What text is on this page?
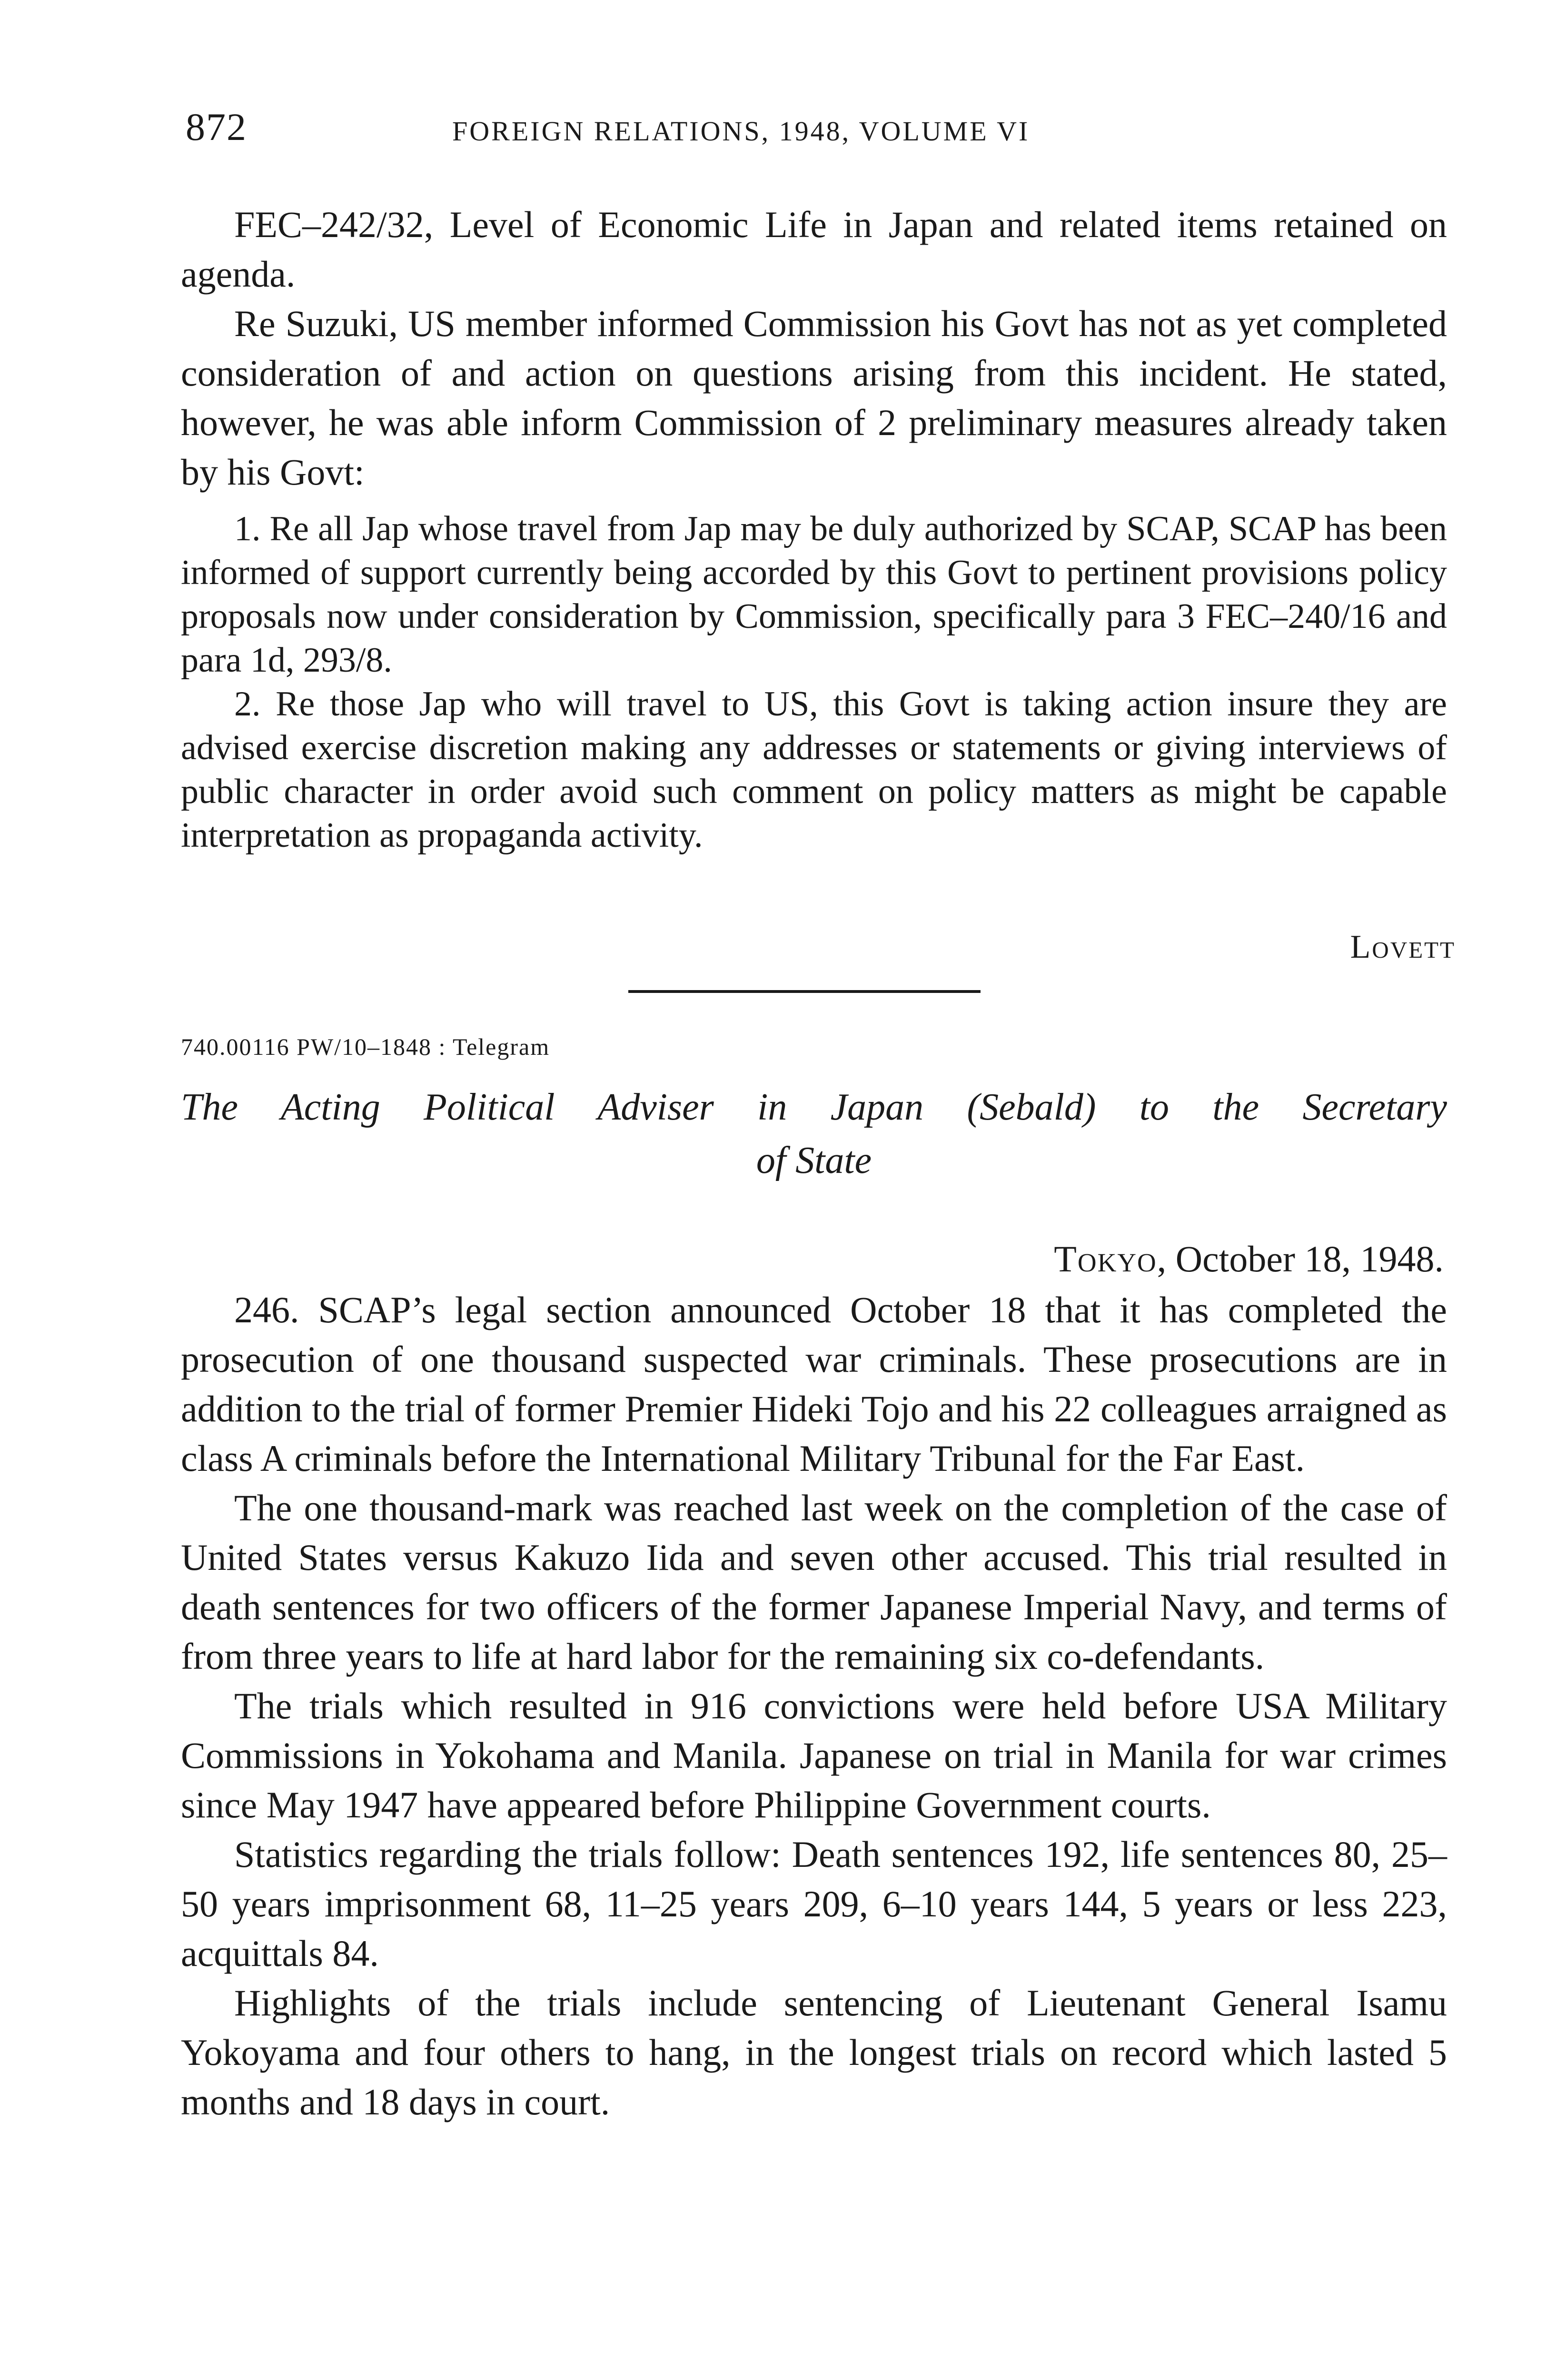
872	FOREIGN RELATIONS, 1948, VOLUME VI

FEC–242/32, Level of Economic Life in Japan and related items retained on agenda.

Re Suzuki, US member informed Commission his Govt has not as yet completed consideration of and action on questions arising from this incident. He stated, however, he was able inform Commission of 2 preliminary measures already taken by his Govt:

1. Re all Jap whose travel from Jap may be duly authorized by SCAP, SCAP has been informed of support currently being accorded by this Govt to pertinent provisions policy proposals now under consideration by Commission, specifically para 3 FEC–240/16 and para 1d, 293/8.

2. Re those Jap who will travel to US, this Govt is taking action insure they are advised exercise discretion making any addresses or statements or giving interviews of public character in order avoid such comment on policy matters as might be capable interpretation as propaganda activity.

Lovett
740.00116 PW/10–1848 : Telegram
The Acting Political Adviser in Japan (Sebald) to the Secretary
of State
Tokyo, October 18, 1948.

246. SCAP’s legal section announced October 18 that it has completed the prosecution of one thousand suspected war criminals. These prosecutions are in addition to the trial of former Premier Hideki Tojo and his 22 colleagues arraigned as class A criminals before the International Military Tribunal for the Far East.

The one thousand-mark was reached last week on the completion of the case of United States versus Kakuzo Iida and seven other accused. This trial resulted in death sentences for two officers of the former Japanese Imperial Navy, and terms of from three years to life at hard labor for the remaining six co-defendants.

The trials which resulted in 916 convictions were held before USA Military Commissions in Yokohama and Manila. Japanese on trial in Manila for war crimes since May 1947 have appeared before Philippine Government courts.

Statistics regarding the trials follow: Death sentences 192, life sentences 80, 25–50 years imprisonment 68, 11–25 years 209, 6–10 years 144, 5 years or less 223, acquittals 84.

Highlights of the trials include sentencing of Lieutenant General Isamu Yokoyama and four others to hang, in the longest trials on record which lasted 5 months and 18 days in court.
